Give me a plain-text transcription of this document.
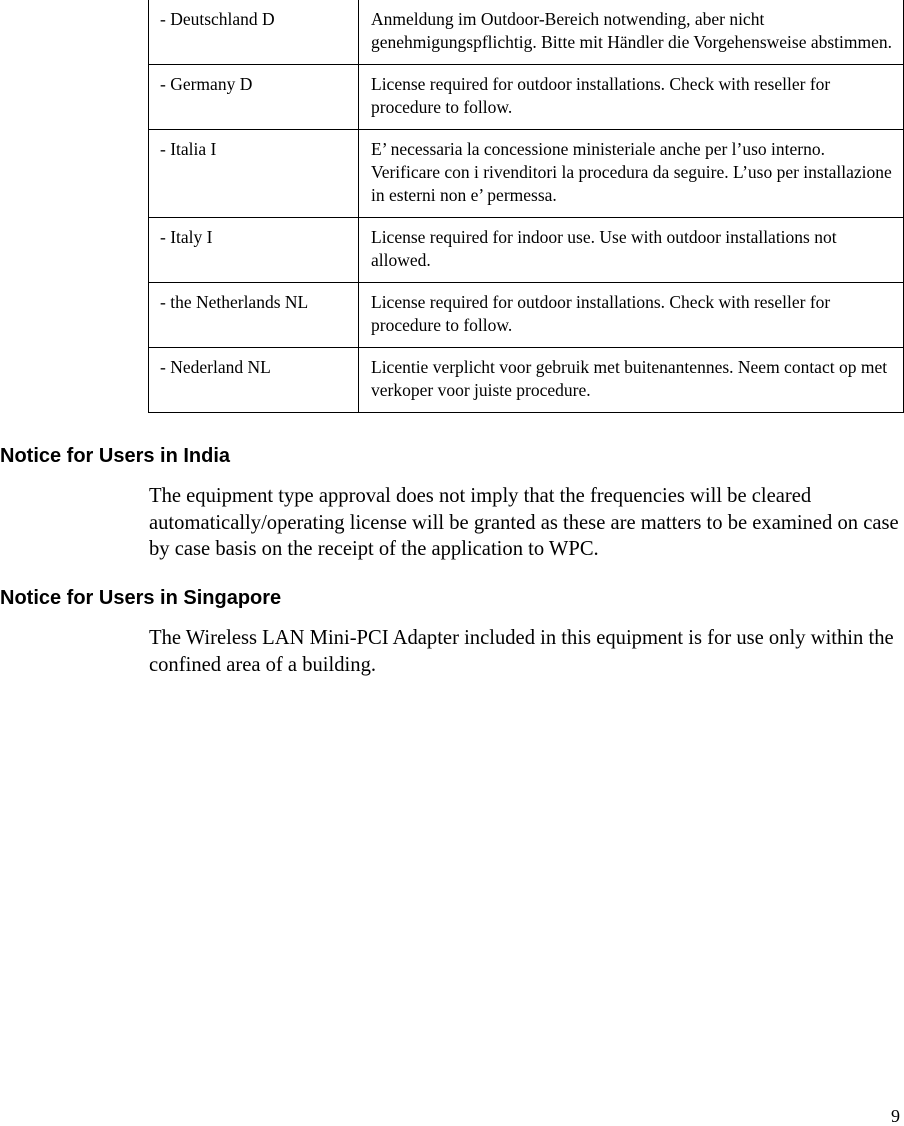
- Deutschland D	Anmeldung im Outdoor-Bereich notwending, aber nicht genehmigungspflichtig. Bitte mit Händler die Vorgehensweise abstimmen.
- Germany D	License required for outdoor installations. Check with reseller for procedure to follow.
- Italia I	E’ necessaria la concessione ministeriale anche per l’uso interno. Verificare con i rivenditori la procedura da seguire. L’uso per installazione in esterni non e’ permessa.
- Italy I	License required for indoor use. Use with outdoor installations not allowed.
- the Netherlands NL	License required for outdoor installations. Check with reseller for procedure to follow.
- Nederland NL	Licentie verplicht voor gebruik met buitenantennes. Neem contact op met verkoper voor juiste procedure.
Notice for Users in India

The equipment type approval does not imply that the frequencies will be cleared automatically/operating license will be granted as these are matters to be examined on case by case basis on the receipt of the application to WPC.

Notice for Users in Singapore

The Wireless LAN Mini-PCI Adapter included in this equipment is for use only within the confined area of a building.

9
